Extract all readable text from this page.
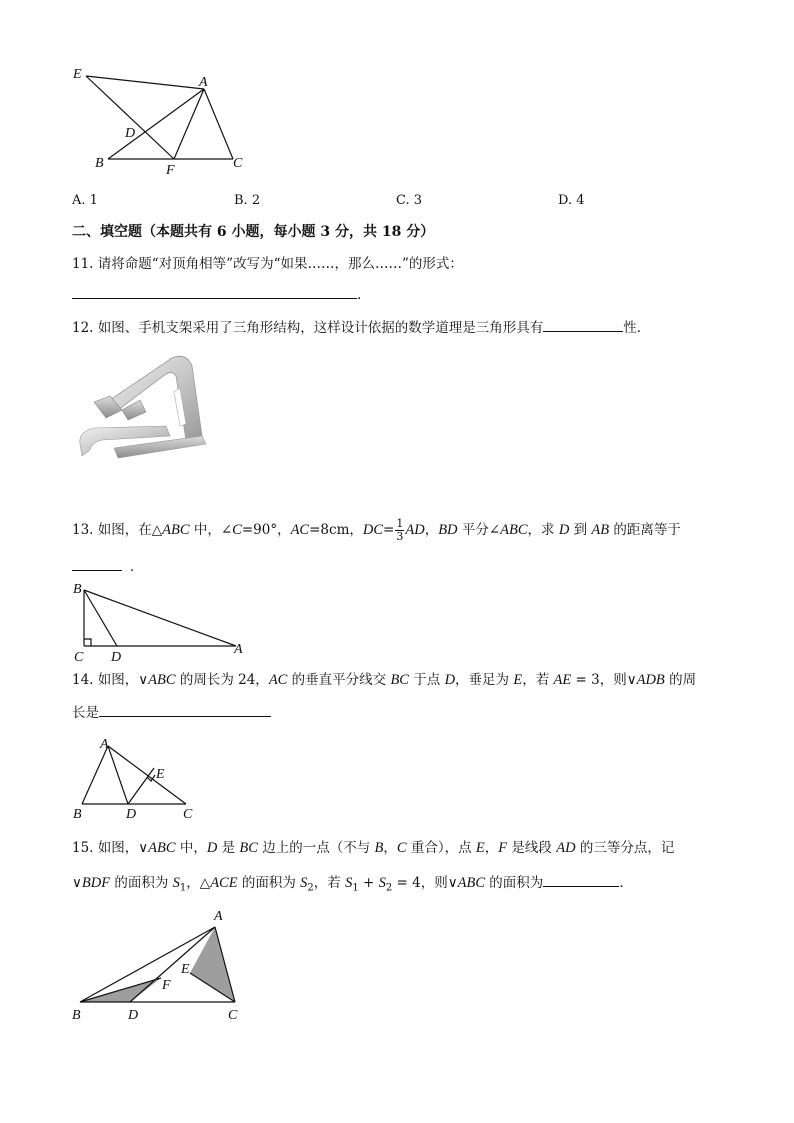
E
A
D
B	F	C
A. 1	B. 2	C. 3	D. 4
二、填空题（本题共有 6 小题，每小题 3 分，共 18 分）
11. 请将命题“对顶角相等”改写为“如果……，那么……”的形式：
.
12. 如图、手机支架采用了三角形结构，这样设计依据的数学道理是三角形具有	性．
13. 如图，在△ABC 中，∠C=90°，AC=8cm，$DC= \frac{1}{3}$ AD，BD 平分∠ABC，求 D 到 AB 的距离等于
．
B
C D
A
14. 如图，∨ABC 的周长为 24，AC 的垂直平分线交 BC 于点 D，垂足为 E，若 AE = 3，则∨ADB 的周
长是
A
E
B	D	C
15. 如图，∨ABC 中，D 是 BC 边上的一点（不与 B，C 重合），点 E，F 是线段 AD 的三等分点，记
∨BDF 的面积为 $S_1$，△ACE 的面积为 $S_2$，若 $S_1 + S_2 = 4$，则∨ABC 的面积为	．
A
E
F
B	D	C
